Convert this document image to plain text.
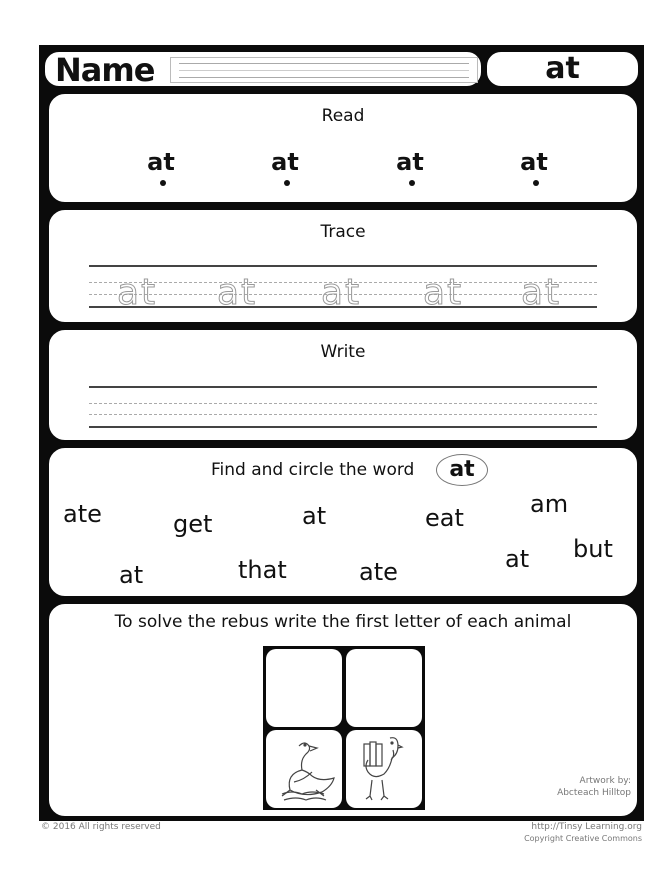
Name	at
Read
at	at	at	at
Trace
at at at at at
Write
Find and circle the word	at
ate	get	at	eat	am
at	that	ate	at but
To solve the rebus write the first letter of each animal
Artwork by:
Abcteach Hilltop
© 2016 All rights reserved	http://Tinsy Learning.org
Copyright Creative Commons
